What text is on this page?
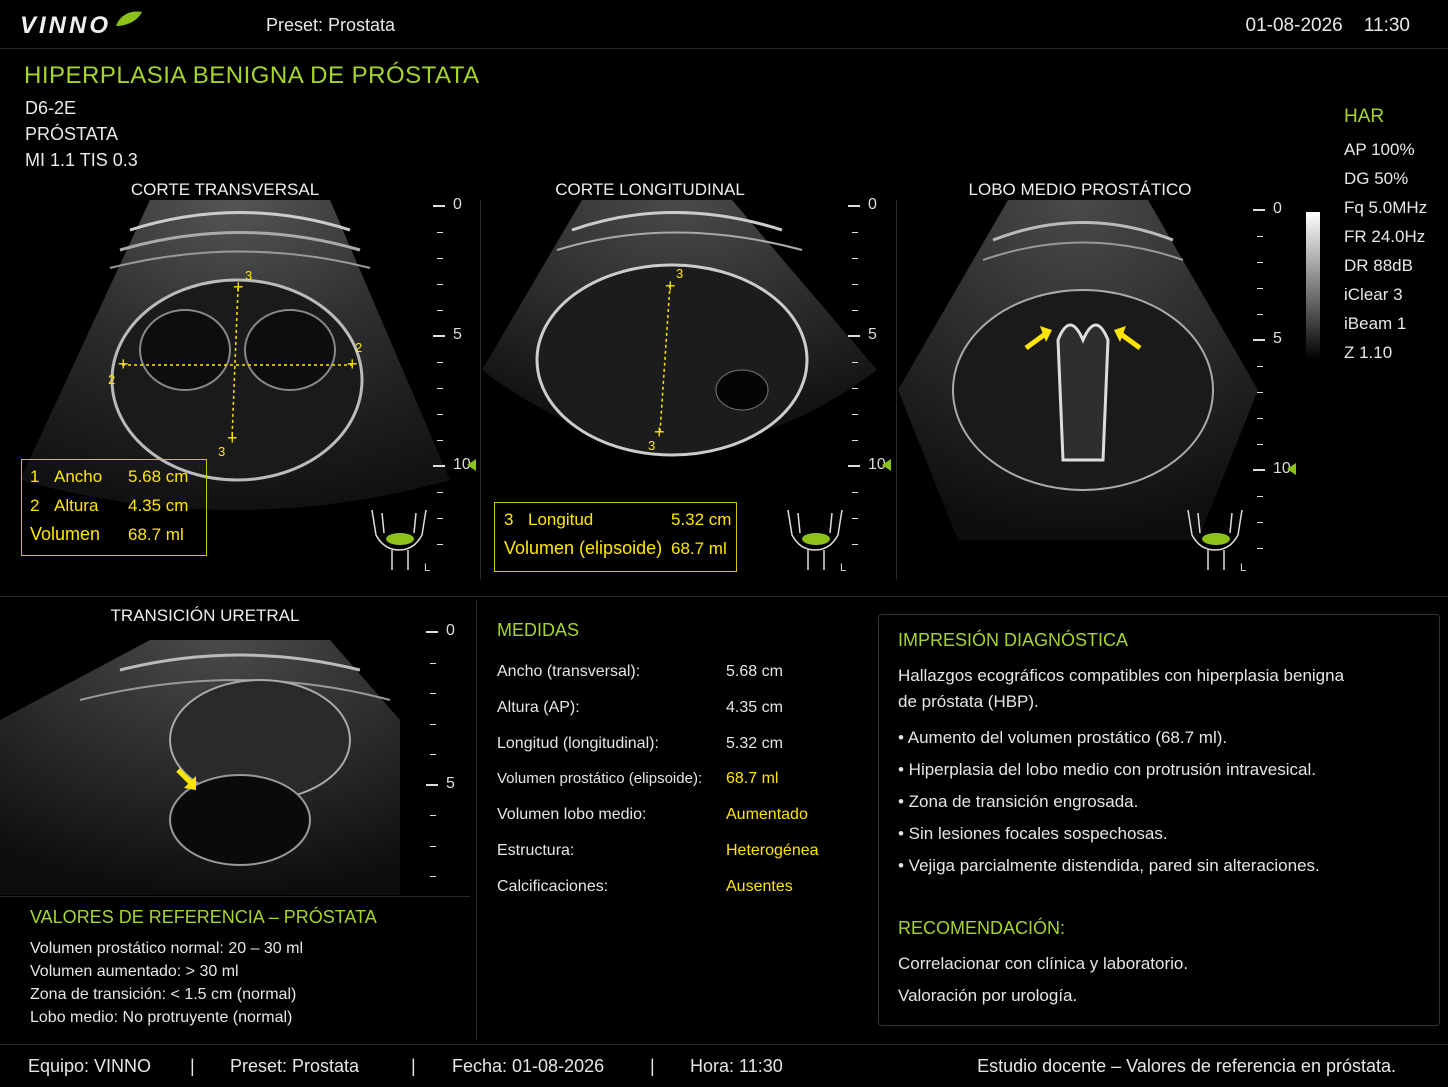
VINNO	Preset: Prostata	01-08-2026 11:30
HIPERPLASIA BENIGNA DE PRÓSTATA
D6-2E
PRÓSTATA
MI 1.1 TIS 0.3
HAR
CORTE TRANSVERSAL
+	+
+
+
2
2
3
3
1 Ancho	5.68 cm
2 Altura	4.35 cm
Volumen	68.7 ml
L
0
5
10
CORTE LONGITUDINAL
+
+
3
3
3 Longitud	5.32 cm
Volumen (elipsoide) 68.7 ml
L
0
5
10
LOBO MEDIO PROSTÁTICO
L
0
5
10
TRANSICIÓN URETRAL
0
5
VALORES DE REFERENCIA – PRÓSTATA
MEDIDAS	IMPRESIÓN DIAGNÓSTICA
Hallazgos ecográficos compatibles con hiperplasia benigna
de próstata (HBP).
RECOMENDACIÓN:
Correlacionar con clínica y laboratorio.
Valoración por urología.
Equipo: VINNO | Preset: Prostata	| Fecha: 01-08-2026	| Hora: 11:30	Estudio docente – Valores de referencia en próstata.
AP 100%
DG 50%
Fq 5.0MHz
FR 24.0Hz
DR 88dB
iClear 3
iBeam 1
Z 1.10
Volumen prostático normal: 20 – 30 ml
Volumen aumentado: > 30 ml
Zona de transición: < 1.5 cm (normal)
Lobo medio: No protruyente (normal)
Ancho (transversal):	5.68 cm
Altura (AP):	4.35 cm
Longitud (longitudinal):	5.32 cm
Volumen prostático (elipsoide): 68.7 ml
Volumen lobo medio:	Aumentado
Estructura:	Heterogénea
Calcificaciones:	Ausentes
• Aumento del volumen prostático (68.7 ml).
• Hiperplasia del lobo medio con protrusión intravesical.
• Zona de transición engrosada.
• Sin lesiones focales sospechosas.
• Vejiga parcialmente distendida, pared sin alteraciones.
